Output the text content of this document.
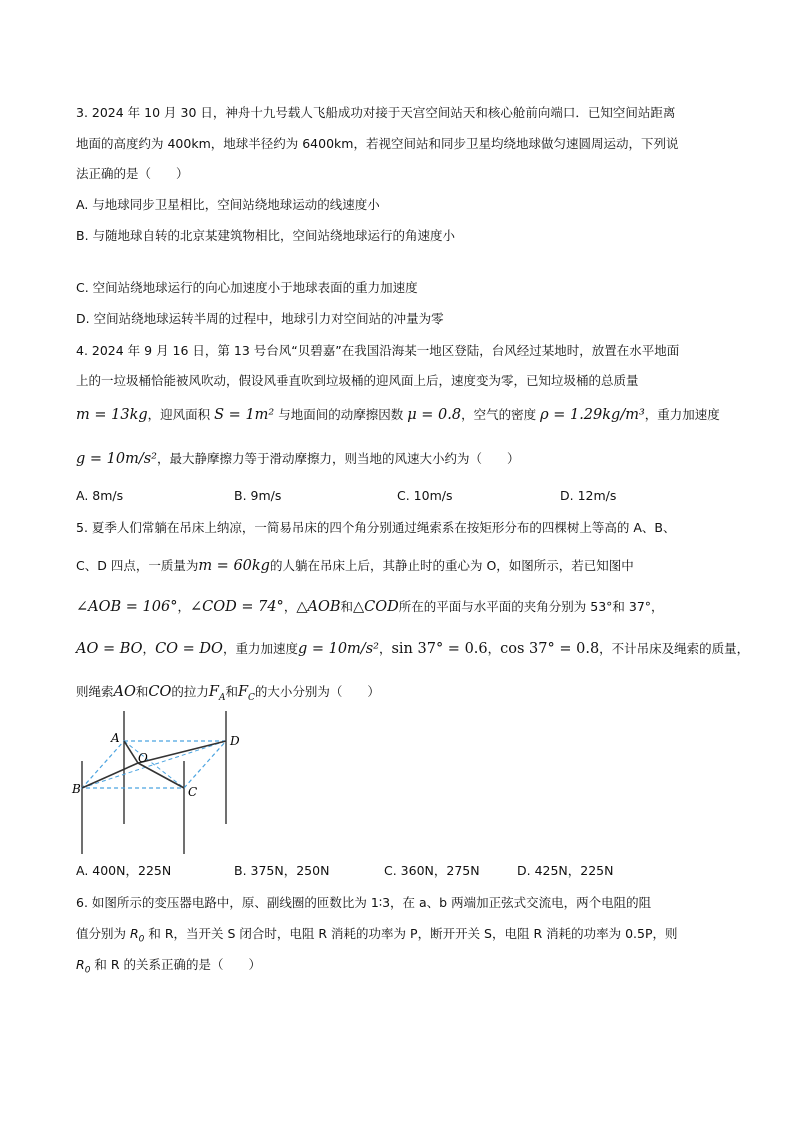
3. 2024 年 10 月 30 日，神舟十九号载人飞船成功对接于天宫空间站天和核心舱前向端口．已知空间站距离
地面的高度约为 400km，地球半径约为 6400km，若视空间站和同步卫星均绕地球做匀速圆周运动，下列说
法正确的是（　　）
A. 与地球同步卫星相比，空间站绕地球运动的线速度小
B. 与随地球自转的北京某建筑物相比，空间站绕地球运行的角速度小
C. 空间站绕地球运行的向心加速度小于地球表面的重力加速度
D. 空间站绕地球运转半周的过程中，地球引力对空间站的冲量为零
4. 2024 年 9 月 16 日，第 13 号台风“贝碧嘉”在我国沿海某一地区登陆，台风经过某地时，放置在水平地面
上的一垃圾桶恰能被风吹动，假设风垂直吹到垃圾桶的迎风面上后，速度变为零，已知垃圾桶的总质量
m = 13kg，迎风面积 S = 1m² 与地面间的动摩擦因数 μ = 0.8，空气的密度 ρ = 1.29kg/m³，重力加速度
g = 10m/s²，最大静摩擦力等于滑动摩擦力，则当地的风速大小约为（　　）
A. 8m/s	B. 9m/s	C. 10m/s	D. 12m/s
5. 夏季人们常躺在吊床上纳凉，一简易吊床的四个角分别通过绳索系在按矩形分布的四棵树上等高的 A、B、
C、D 四点，一质量为m = 60kg的人躺在吊床上后，其静止时的重心为 O，如图所示，若已知图中
∠AOB = 106°，∠COD = 74°，△AOB和△COD所在的平面与水平面的夹角分别为 53°和 37°，
AO = BO，CO = DO，重力加速度g = 10m/s²，sin 37° = 0.6，cos 37° = 0.8，不计吊床及绳索的质量，
则绳索AO和CO的拉力$F_A$和$F_C$的大小分别为（　　）
A
O
D
B	C
A. 400N，225N	B. 375N，250N	C. 360N，275N	D. 425N，225N
6. 如图所示的变压器电路中，原、副线圈的匝数比为 1∶3，在 a、b 两端加正弦式交流电，两个电阻的阻
值分别为 $R_0$ 和 R，当开关 S 闭合时，电阻 R 消耗的功率为 P，断开开关 S，电阻 R 消耗的功率为 0.5P，则
$R_0$ 和 R 的关系正确的是（　　）
